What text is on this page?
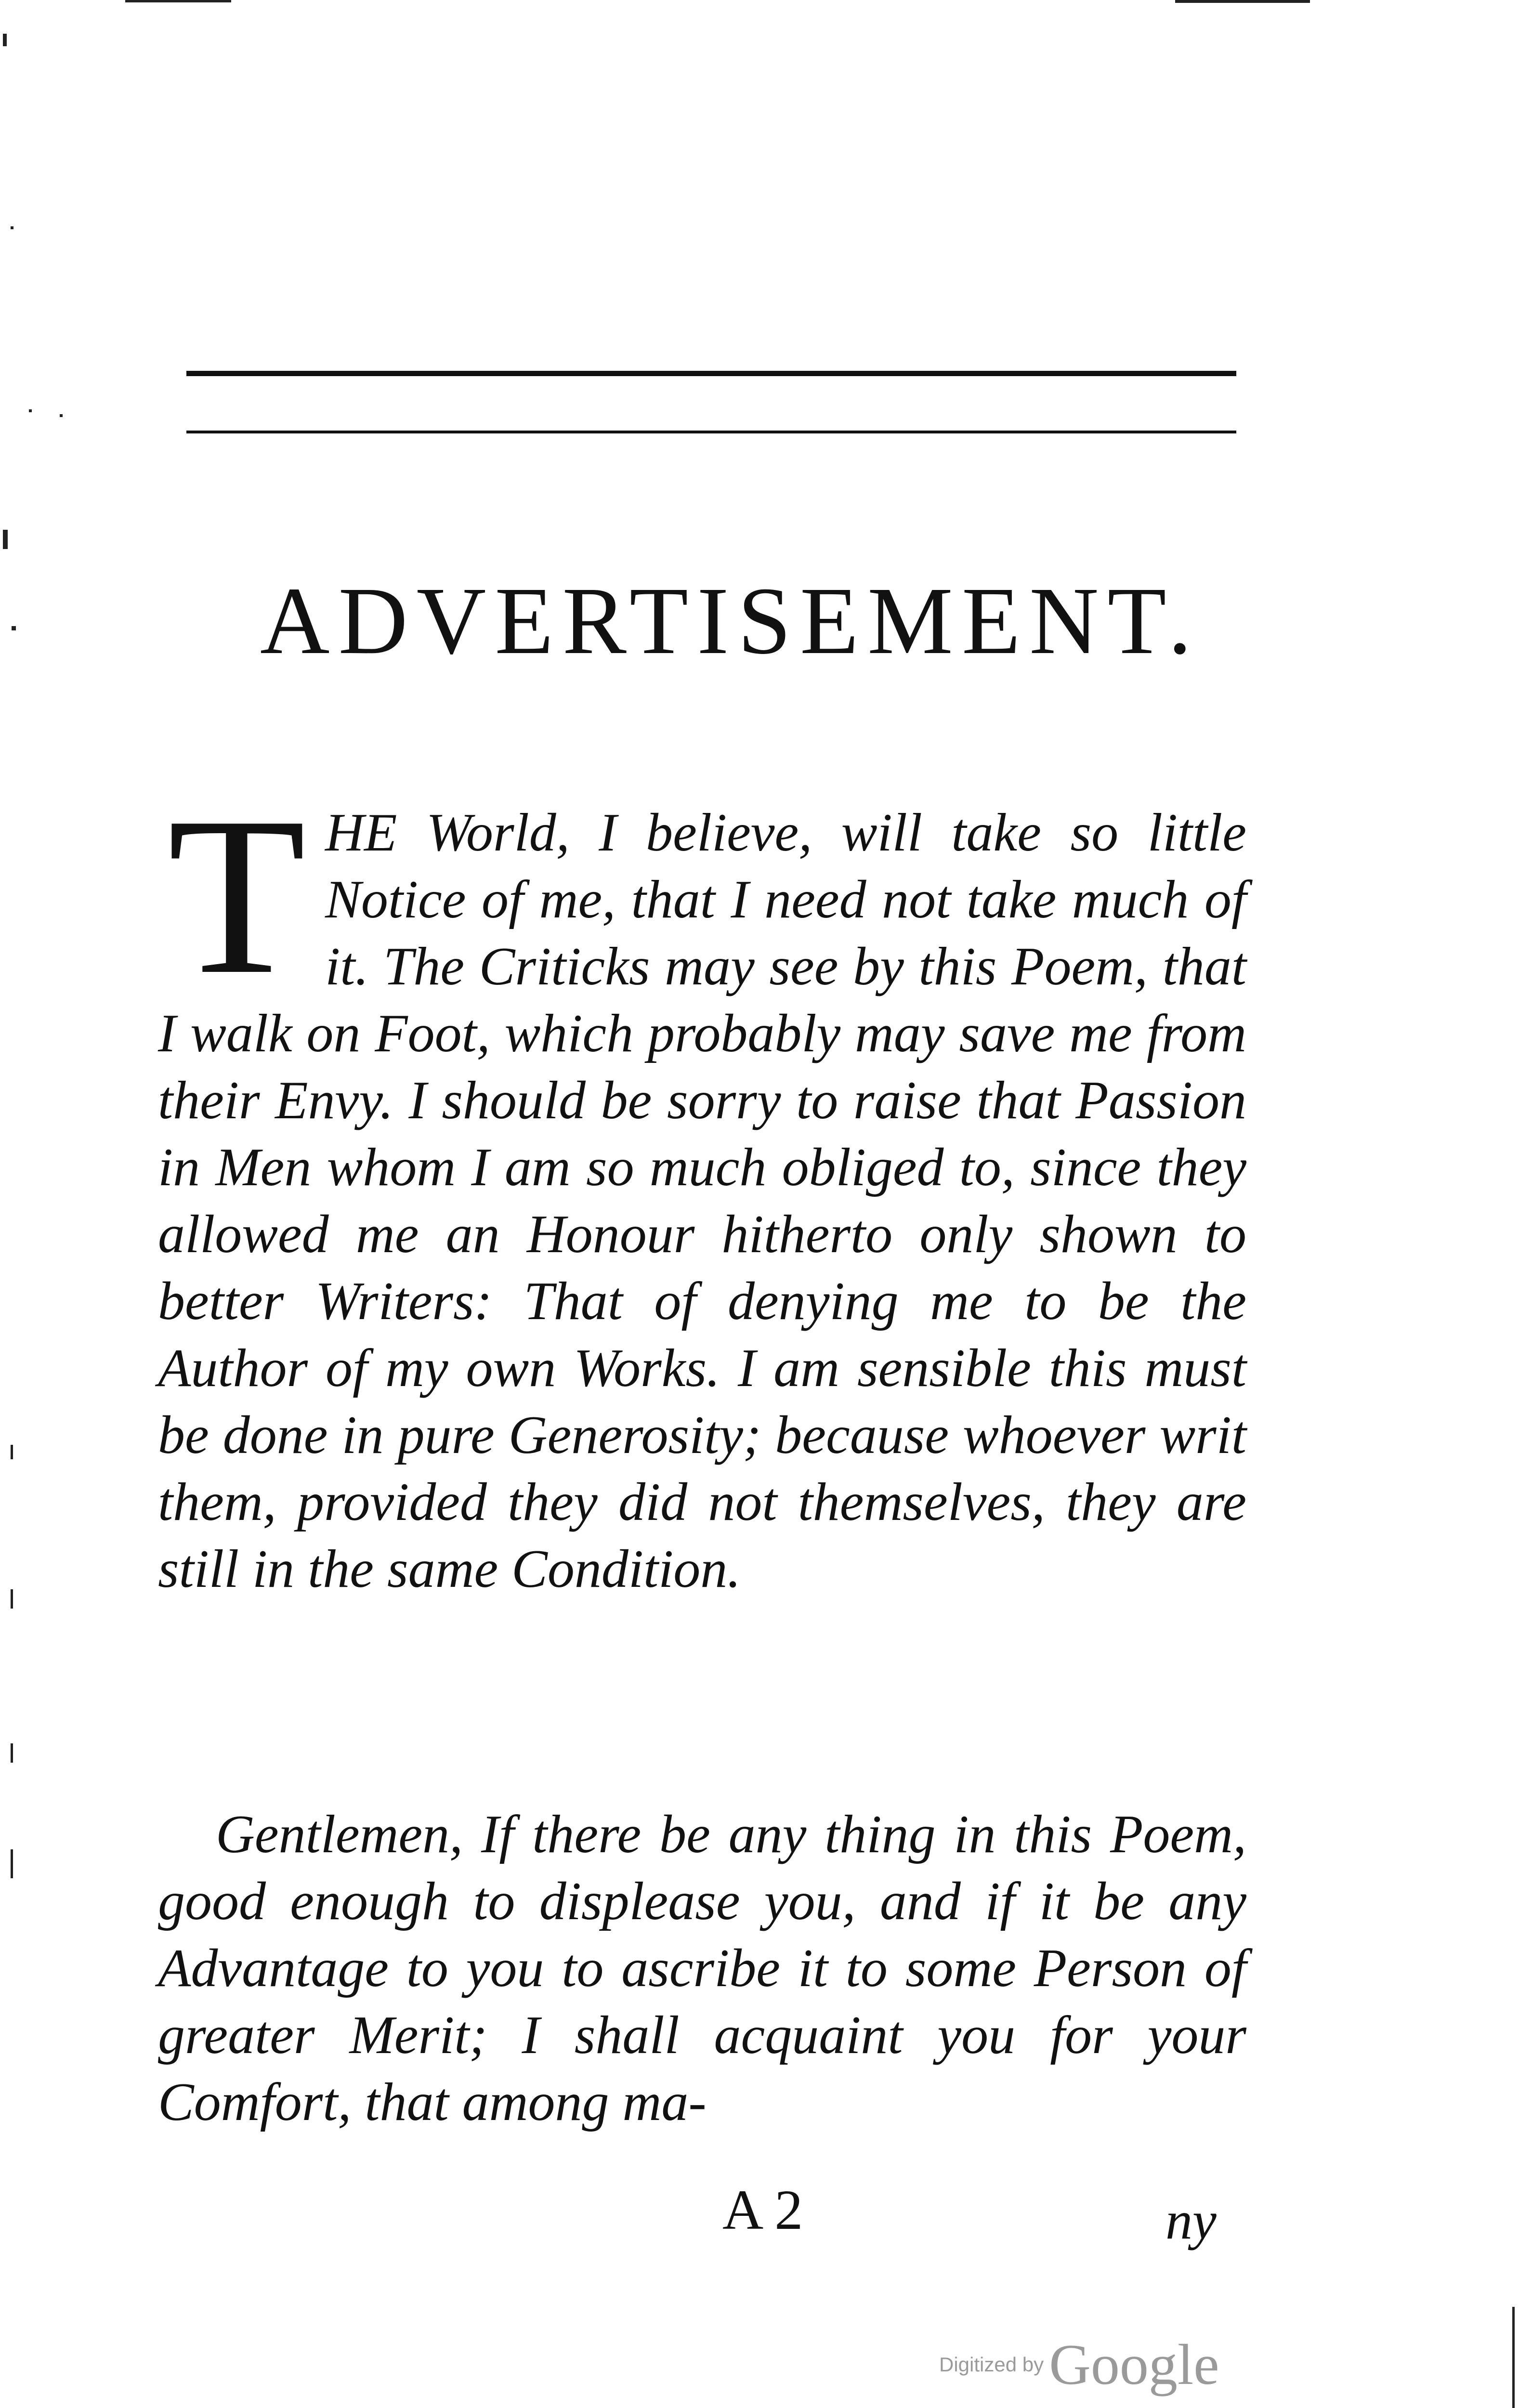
ADVERTISEMENT.
T HE World, I believe, will take so little Notice of me, that I need not take much of it. The Criticks may see by this Poem, that I walk on Foot, which probably may save me from their Envy. I should be sorry to raise that Passion in Men whom I am so much obliged to, since they allowed me an Honour hitherto only shown to better Writers: That of denying me to be the Author of my own Works. I am sensible this must be done in pure Generosity; because whoever writ them, provided they did not themselves, they are still in the same Condition.
Gentlemen, If there be any thing in this Poem, good enough to displease you, and if it be any Advantage to you to ascribe it to some Person of greater Merit; I shall acquaint you for your Comfort, that among ma-
A 2	ny
Digitized by Google
